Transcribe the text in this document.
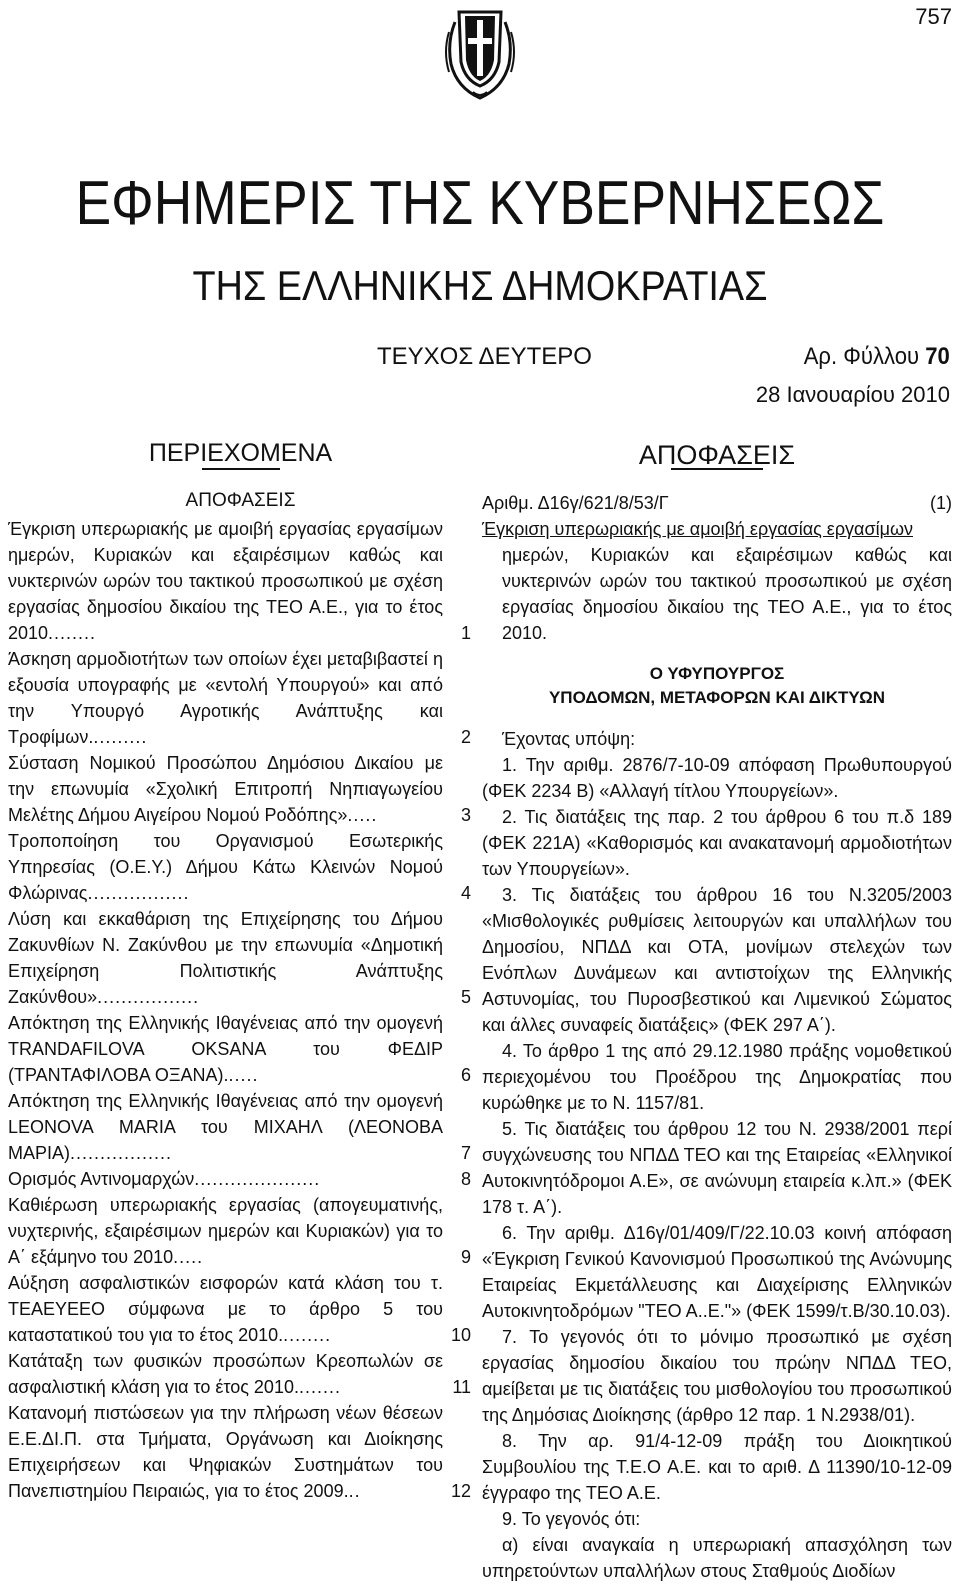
757
ΕΦΗΜΕΡΙΣ ΤΗΣ ΚΥΒΕΡΝΗΣΕΩΣ
ΤΗΣ ΕΛΛΗΝΙΚΗΣ ΔΗΜΟΚΡΑΤΙΑΣ
ΤΕΥΧΟΣ ΔΕΥΤΕΡΟ	Αρ. Φύλλου 70
28 Ιανουαρίου 2010
ΠΕΡΙΕΧΟΜΕΝΑ
ΑΠΟΦΑΣΕΙΣ
Έγκριση υπερωριακής με αμοιβή εργασίας εργασίμων ημερών, Κυριακών και εξαιρέσιμων καθώς και νυκτερινών ωρών του τακτικού προσωπικού με σχέση εργασίας δημοσίου δικαίου της ΤΕΟ Α.Ε., για το έτος 2010........	1
Άσκηση αρμοδιοτήτων των οποίων έχει μεταβιβαστεί η εξουσία υπογραφής με «εντολή Υπουργού» και από την Υπουργό Αγροτικής Ανάπτυξης και Τροφίμων..........	2
Σύσταση Νομικού Προσώπου Δημόσιου Δικαίου με την επωνυμία «Σχολική Επιτροπή Νηπιαγωγείου Μελέτης Δήμου Αιγείρου Νομού Ροδόπης».....	3
Τροποποίηση του Οργανισμού Εσωτερικής Υπηρεσίας (Ο.Ε.Υ.) Δήμου Κάτω Κλεινών Νομού Φλώρινας.................	4
Λύση και εκκαθάριση της Επιχείρησης του Δήμου Ζακυνθίων Ν. Ζακύνθου με την επωνυμία «Δημοτική Επιχείρηση Πολιτιστικής Ανάπτυξης Ζακύνθου».................	5
Απόκτηση της Ελληνικής Ιθαγένειας από την ομογενή TRANDAFILOVA OKSANA του ΦΕΔΙΡ (ΤΡΑΝΤΑΦΙΛΟΒΑ ΟΞΑΝΑ)......	6
Απόκτηση της Ελληνικής Ιθαγένειας από την ομογενή LEONOVA MARIA του ΜΙΧΑΗΛ (ΛΕΟΝΟΒΑ ΜΑΡΙΑ).................	7
Ορισμός Αντινομαρχών.....................	8
Καθιέρωση υπερωριακής εργασίας (απογευματινής, νυχτερινής, εξαιρέσιμων ημερών και Κυριακών) για το Α΄ εξάμηνο του 2010.....	9
Αύξηση ασφαλιστικών εισφορών κατά κλάση του τ. ΤΕΑΕΥΕΕΟ σύμφωνα με το άρθρο 5 του καταστατικού του για το έτος 2010.........	10
Κατάταξη των φυσικών προσώπων Κρεοπωλών σε ασφαλιστική κλάση για το έτος 2010........	11
Κατανομή πιστώσεων για την πλήρωση νέων θέσεων Ε.Ε.ΔΙ.Π. στα Τμήματα, Οργάνωση και Διοίκησης Επιχειρήσεων και Ψηφιακών Συστημάτων του Πανεπιστημίου Πειραιώς, για το έτος 2009...	12
ΑΠΟΦΑΣΕΙΣ
Αριθμ. Δ16γ/621/8/53/Γ	(1)
Έγκριση υπερωριακής με αμοιβή εργασίας εργασίμων
ημερών, Κυριακών και εξαιρέσιμων καθώς και νυκτερινών ωρών του τακτικού προσωπικού με σχέση εργασίας δημοσίου δικαίου της ΤΕΟ Α.Ε., για το έτος 2010.
Ο ΥΦΥΠΟΥΡΓΟΣ
ΥΠΟΔΟΜΩΝ, ΜΕΤΑΦΟΡΩΝ ΚΑΙ ΔΙΚΤΥΩΝ
Έχοντας υπόψη:
1. Την αριθμ. 2876/7-10-09 απόφαση Πρωθυπουργού (ΦΕΚ 2234 Β) «Αλλαγή τίτλου Υπουργείων».
2. Τις διατάξεις της παρ. 2 του άρθρου 6 του π.δ 189 (ΦΕΚ 221Α) «Καθορισμός και ανακατανομή αρμοδιοτήτων των Υπουργείων».
3. Τις διατάξεις του άρθρου 16 του Ν.3205/2003 «Μισθολογικές ρυθμίσεις λειτουργών και υπαλλήλων του Δημοσίου, ΝΠΔΔ και ΟΤΑ, μονίμων στελεχών των Ενόπλων Δυνάμεων και αντιστοίχων της Ελληνικής Αστυνομίας, του Πυροσβεστικού και Λιμενικού Σώματος και άλλες συναφείς διατάξεις» (ΦΕΚ 297 Α΄).
4. Το άρθρο 1 της από 29.12.1980 πράξης νομοθετικού περιεχομένου του Προέδρου της Δημοκρατίας που κυρώθηκε με το Ν. 1157/81.
5. Τις διατάξεις του άρθρου 12 του Ν. 2938/2001 περί συγχώνευσης του ΝΠΔΔ ΤΕΟ και της Εταιρείας «Ελληνικοί Αυτοκινητόδρομοι Α.Ε», σε ανώνυμη εταιρεία κ.λπ.» (ΦΕΚ 178 τ. Α΄).
6. Την αριθμ. Δ16γ/01/409/Γ/22.10.03 κοινή απόφαση «Έγκριση Γενικού Κανονισμού Προσωπικού της Ανώνυμης Εταιρείας Εκμετάλλευσης και Διαχείρισης Ελληνικών Αυτοκινητοδρόμων "ΤΕΟ Α..Ε."» (ΦΕΚ 1599/τ.Β/30.10.03).
7. Το γεγονός ότι το μόνιμο προσωπικό με σχέση εργασίας δημοσίου δικαίου του πρώην ΝΠΔΔ ΤΕΟ, αμείβεται με τις διατάξεις του μισθολογίου του προσωπικού της Δημόσιας Διοίκησης (άρθρο 12 παρ. 1 Ν.2938/01).
8. Την αρ. 91/4-12-09 πράξη του Διοικητικού Συμβουλίου της Τ.Ε.Ο Α.Ε. και το αριθ. Δ 11390/10-12-09 έγγραφο της ΤΕΟ Α.Ε.
9. Το γεγονός ότι:
α) είναι αναγκαία η υπερωριακή απασχόληση των υπηρετούντων υπαλλήλων στους Σταθμούς Διοδίων
